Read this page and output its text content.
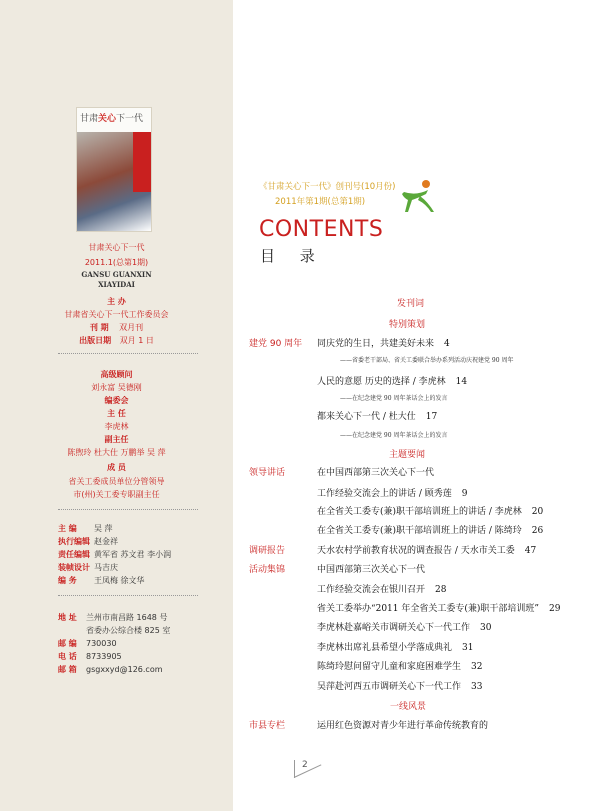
甘肃关心下一代
甘肃关心下一代
2011.1(总第1期)
GANSU GUANXIN
XIAYIDAI
主 办
甘肃省关心下一代工作委员会
刊 期 双月刊
出版日期 双月 1 日
高级顾问
刘永富 吴德刚
编委会
主 任
李虎林
副主任
陈煦玲 杜大仕 万鹏举 吴 萍
成 员
省关工委成员单位分管领导
市(州)关工委专职副主任
主 编 吴 萍
执行编辑 赵金祥
责任编辑 黄军省 苏文君 李小润
装帧设计 马吉庆
编 务 王凤梅 徐文华
地 址 兰州市南昌路 1648 号
省委办公综合楼 825 室
邮 编 730030
电 话 8733905
邮 箱 gsgxxyd@126.com
《甘肃关心下一代》创刊号(10月份)
2011年第1期(总第1期)
CONTENTS
目 录
发刊词
特别策划
建党 90 周年 同庆党的生日，共建美好未来 4
——省委老干部局、省关工委联合举办系列活动庆祝建党 90 周年
人民的意愿 历史的选择 / 李虎林 14
——在纪念建党 90 周年茶话会上的发言
都来关心下一代 / 杜大仕 17
——在纪念建党 90 周年茶话会上的发言
主题要闻
领导讲话	在中国西部第三次关心下一代
工作经验交流会上的讲话 / 顾秀莲 9
在全省关工委专(兼)职干部培训班上的讲话 / 李虎林 20
在全省关工委专(兼)职干部培训班上的讲话 / 陈绮玲 26
调研报告	天水农村学前教育状况的调查报告 / 天水市关工委 47
活动集锦	中国西部第三次关心下一代
工作经验交流会在银川召开 28
省关工委举办“2011 年全省关工委专(兼)职干部培训班” 29
李虎林赴嘉峪关市调研关心下一代工作 30
李虎林出席礼县希望小学落成典礼 31
陈绮玲慰问留守儿童和家庭困难学生 32
吴萍赴河西五市调研关心下一代工作 33
一线风景
市县专栏	运用红色资源对青少年进行革命传统教育的
2
